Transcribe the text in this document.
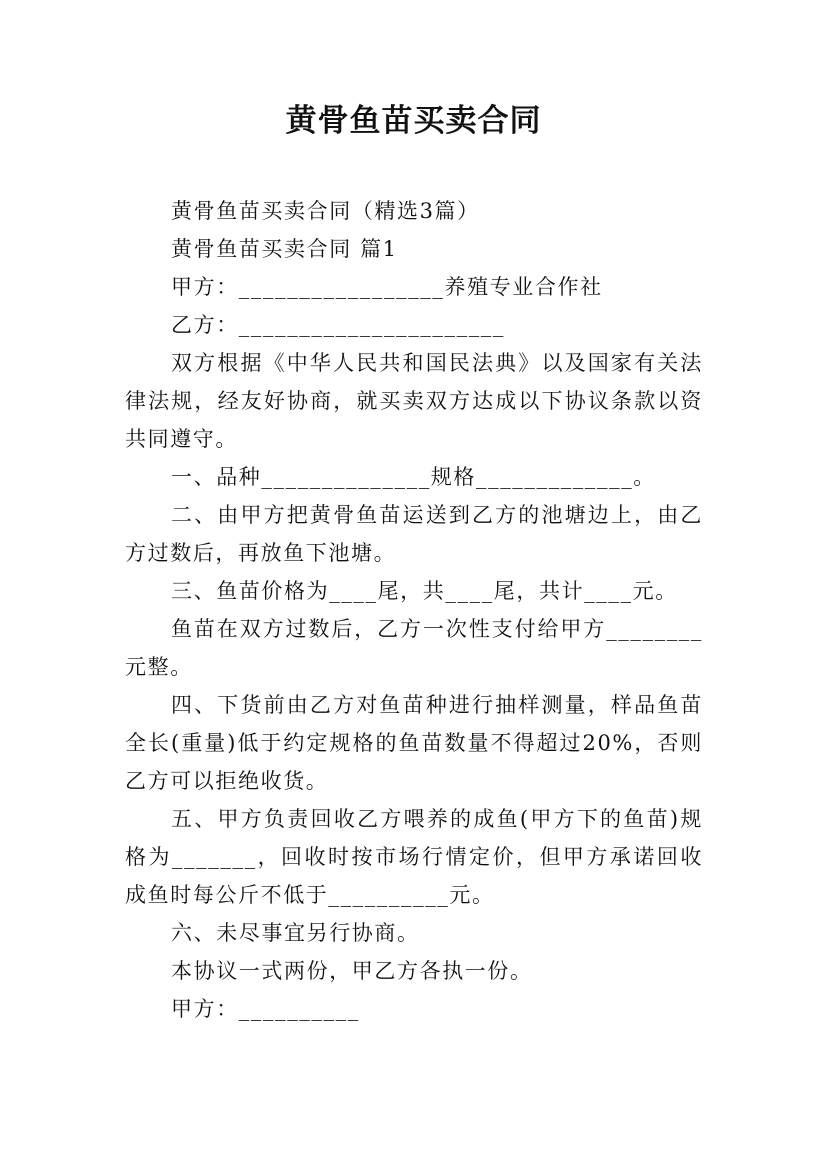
黄骨鱼苗买卖合同

黄骨鱼苗买卖合同（精选3篇）

黄骨鱼苗买卖合同 篇1

甲方：_________________养殖专业合作社

乙方：______________________

双方根据《中华人民共和国民法典》以及国家有关法律法规，经友好协商，就买卖双方达成以下协议条款以资共同遵守。

一、品种______________规格_____________。

二、由甲方把黄骨鱼苗运送到乙方的池塘边上，由乙方过数后，再放鱼下池塘。

三、鱼苗价格为____尾，共____尾，共计____元。

鱼苗在双方过数后，乙方一次性支付给甲方________元整。

四、下货前由乙方对鱼苗种进行抽样测量，样品鱼苗全长(重量)低于约定规格的鱼苗数量不得超过20%，否则乙方可以拒绝收货。

五、甲方负责回收乙方喂养的成鱼(甲方下的鱼苗)规格为_______，回收时按市场行情定价，但甲方承诺回收成鱼时每公斤不低于__________元。

六、未尽事宜另行协商。

本协议一式两份，甲乙方各执一份。

甲方：__________
